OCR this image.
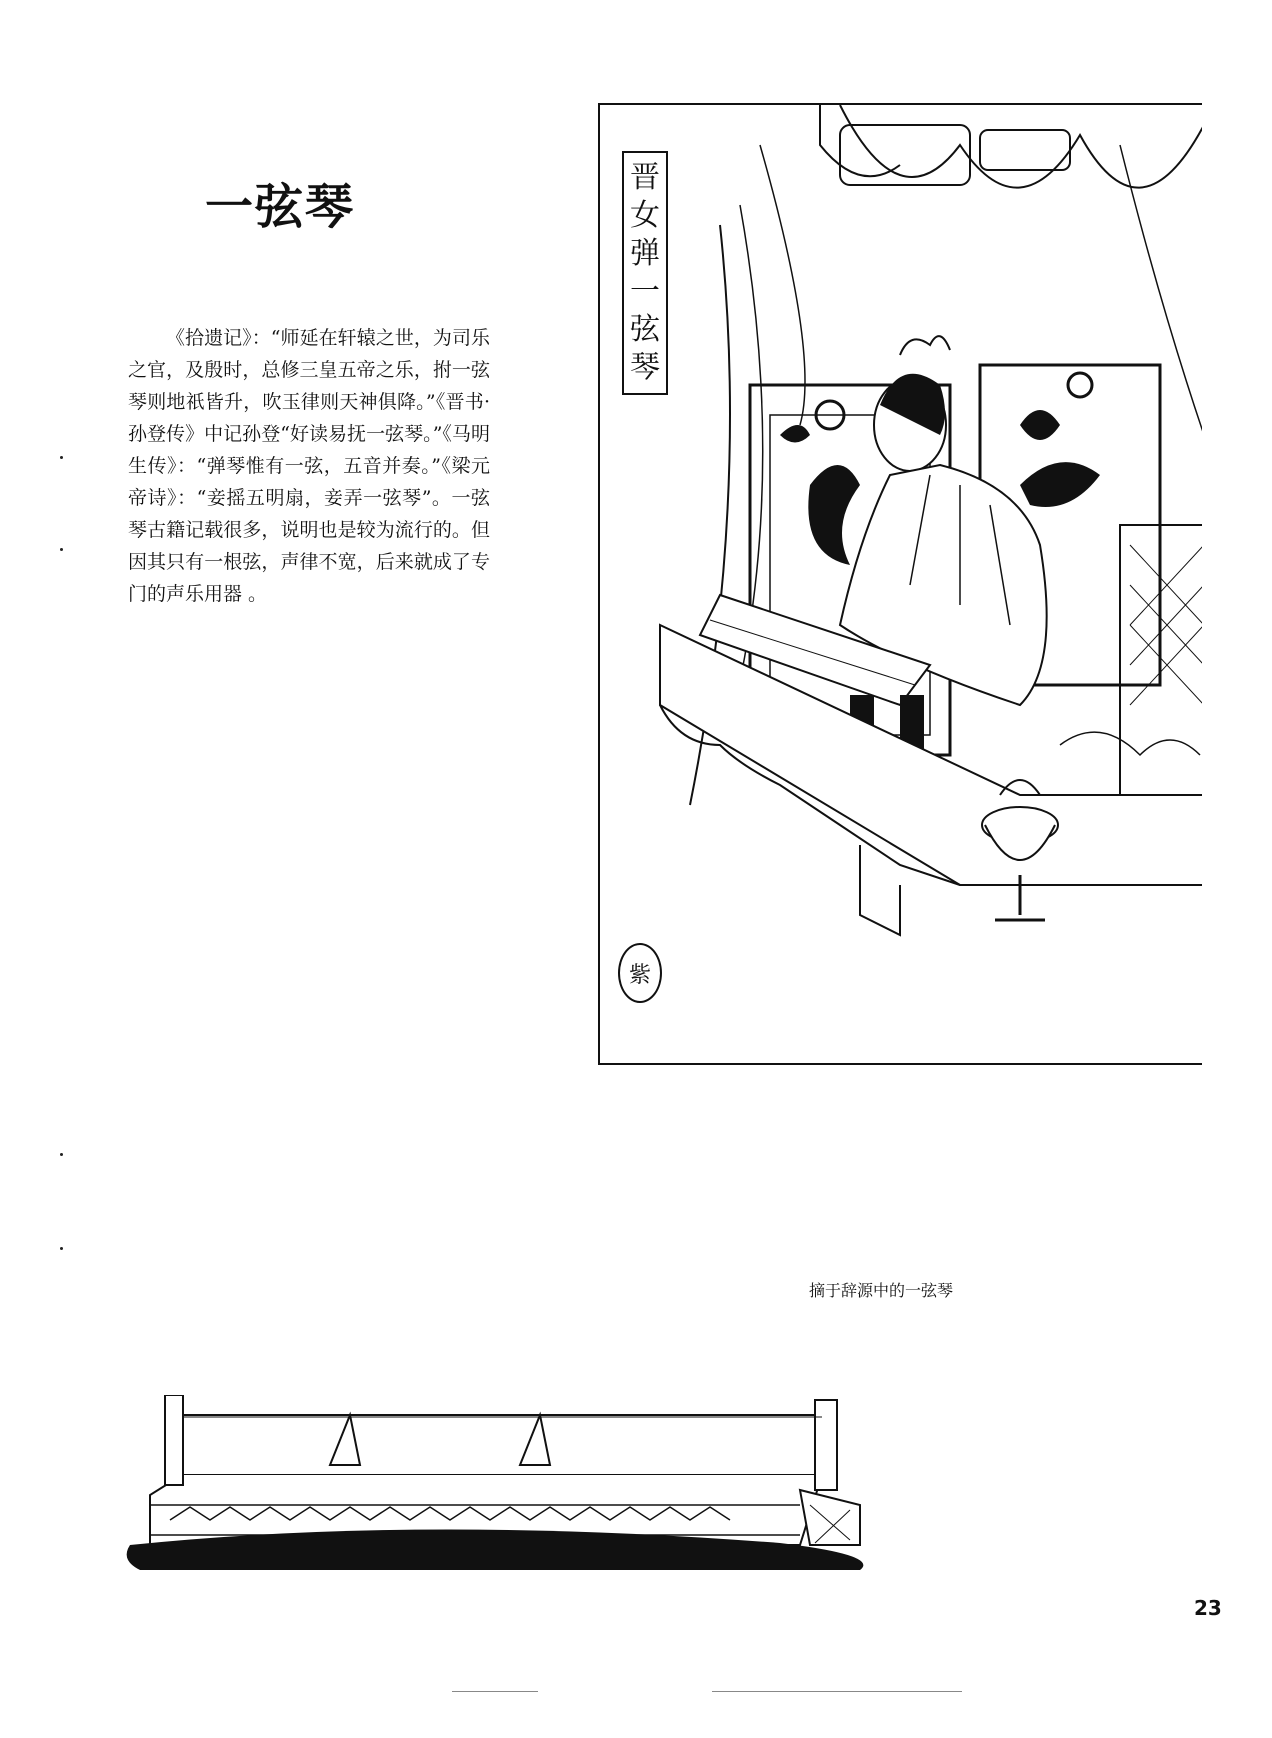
一弦琴

《拾遗记》：“师延在轩辕之世，为司乐之官，及殷时，总修三皇五帝之乐，拊一弦琴则地祇皆升，吹玉律则天神俱降。”《晋书·孙登传》中记孙登“好读易抚一弦琴。”《马明生传》：“弹琴惟有一弦，五音并奏。”《梁元帝诗》：“妾摇五明扇，妾弄一弦琴”。一弦琴古籍记载很多，说明也是较为流行的。但因其只有一根弦，声律不宽，后来就成了专门的声乐用器 。

晋
女
弹
一
弦
琴
紫

摘于辞源中的一弦琴

23
